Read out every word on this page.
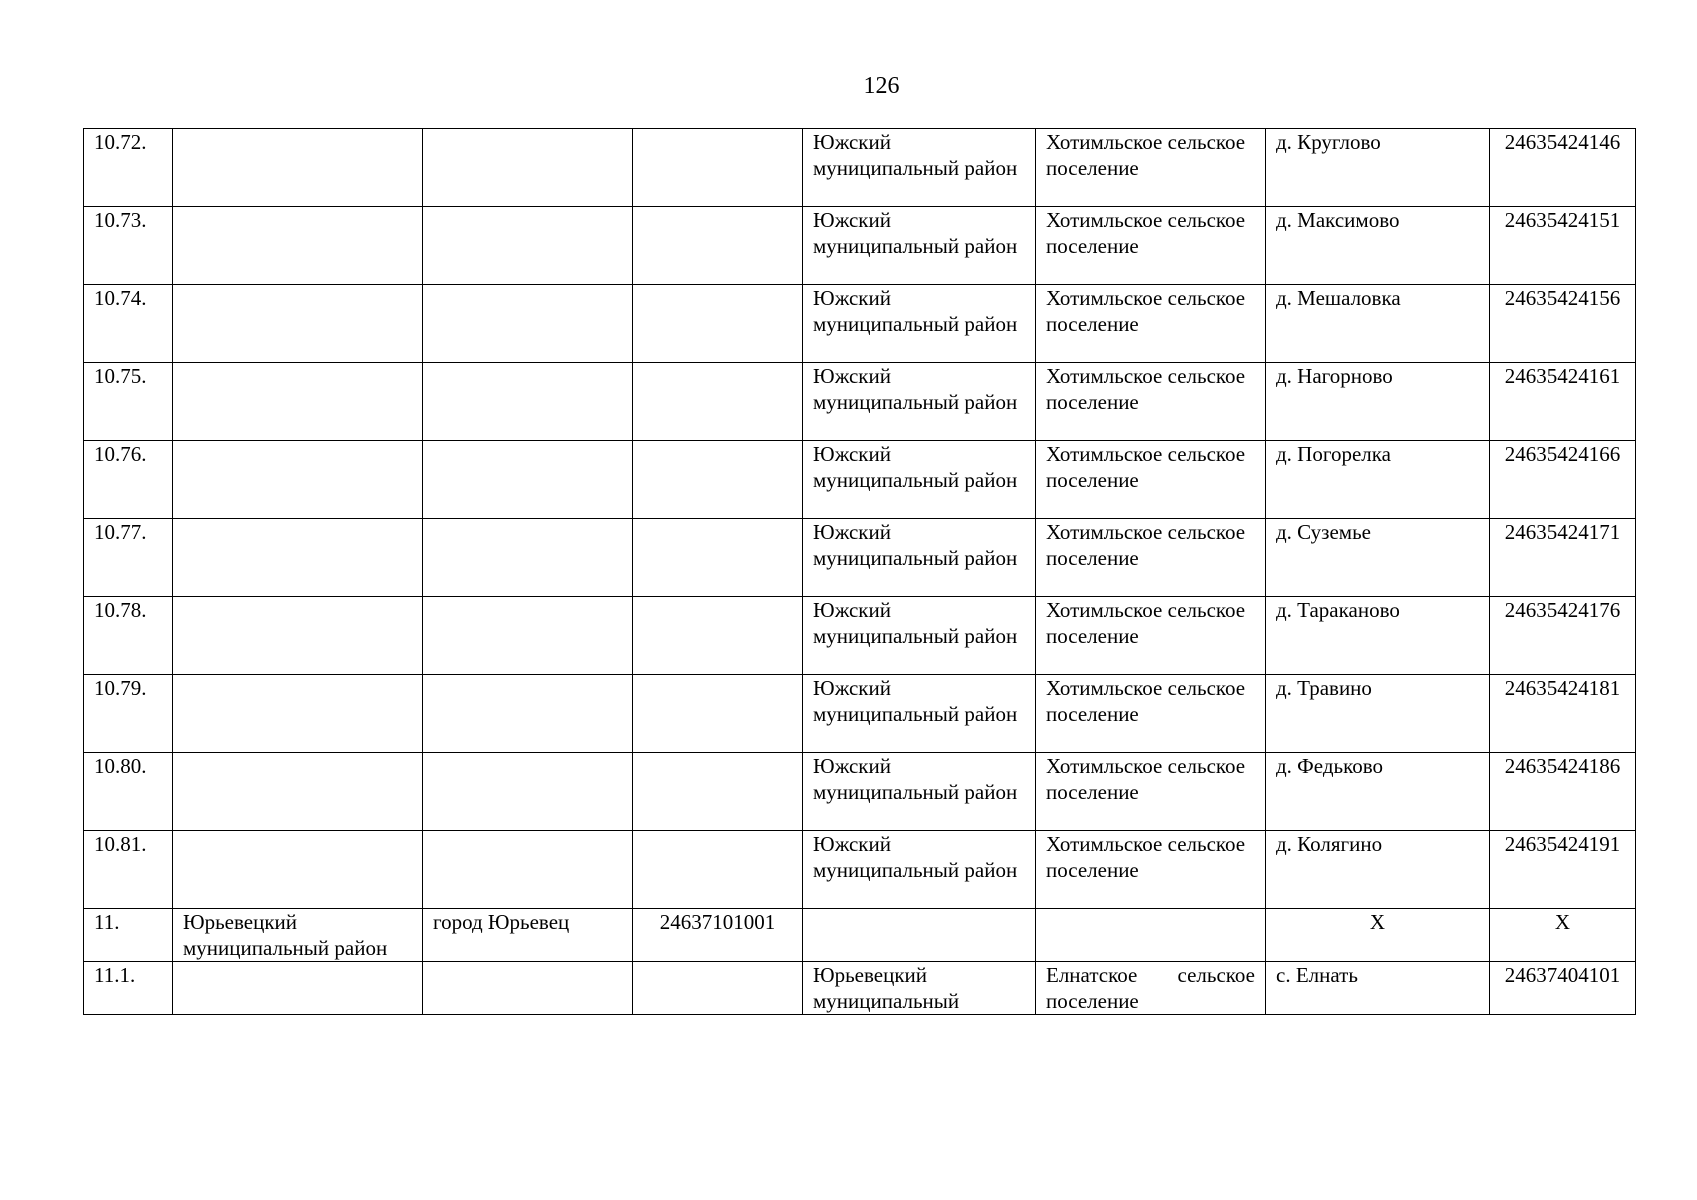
126
10.72.				Южский муниципальный район	Хотимльское сельское поселение	д. Круглово	24635424146
10.73.				Южский муниципальный район	Хотимльское сельское поселение	д. Максимово	24635424151
10.74.				Южский муниципальный район	Хотимльское сельское поселение	д. Мешаловка	24635424156
10.75.				Южский муниципальный район	Хотимльское сельское поселение	д. Нагорново	24635424161
10.76.				Южский муниципальный район	Хотимльское сельское поселение	д. Погорелка	24635424166
10.77.				Южский муниципальный район	Хотимльское сельское поселение	д. Суземье	24635424171
10.78.				Южский муниципальный район	Хотимльское сельское поселение	д. Тараканово	24635424176
10.79.				Южский муниципальный район	Хотимльское сельское поселение	д. Травино	24635424181
10.80.				Южский муниципальный район	Хотимльское сельское поселение	д. Федьково	24635424186
10.81.				Южский муниципальный район	Хотимльское сельское поселение	д. Колягино	24635424191
11.	Юрьевецкий муниципальный район	город Юрьевец	24637101001			Х	Х
11.1.				Юрьевецкий муниципальный	Елнатское сельское поселение	с. Елнать	24637404101
